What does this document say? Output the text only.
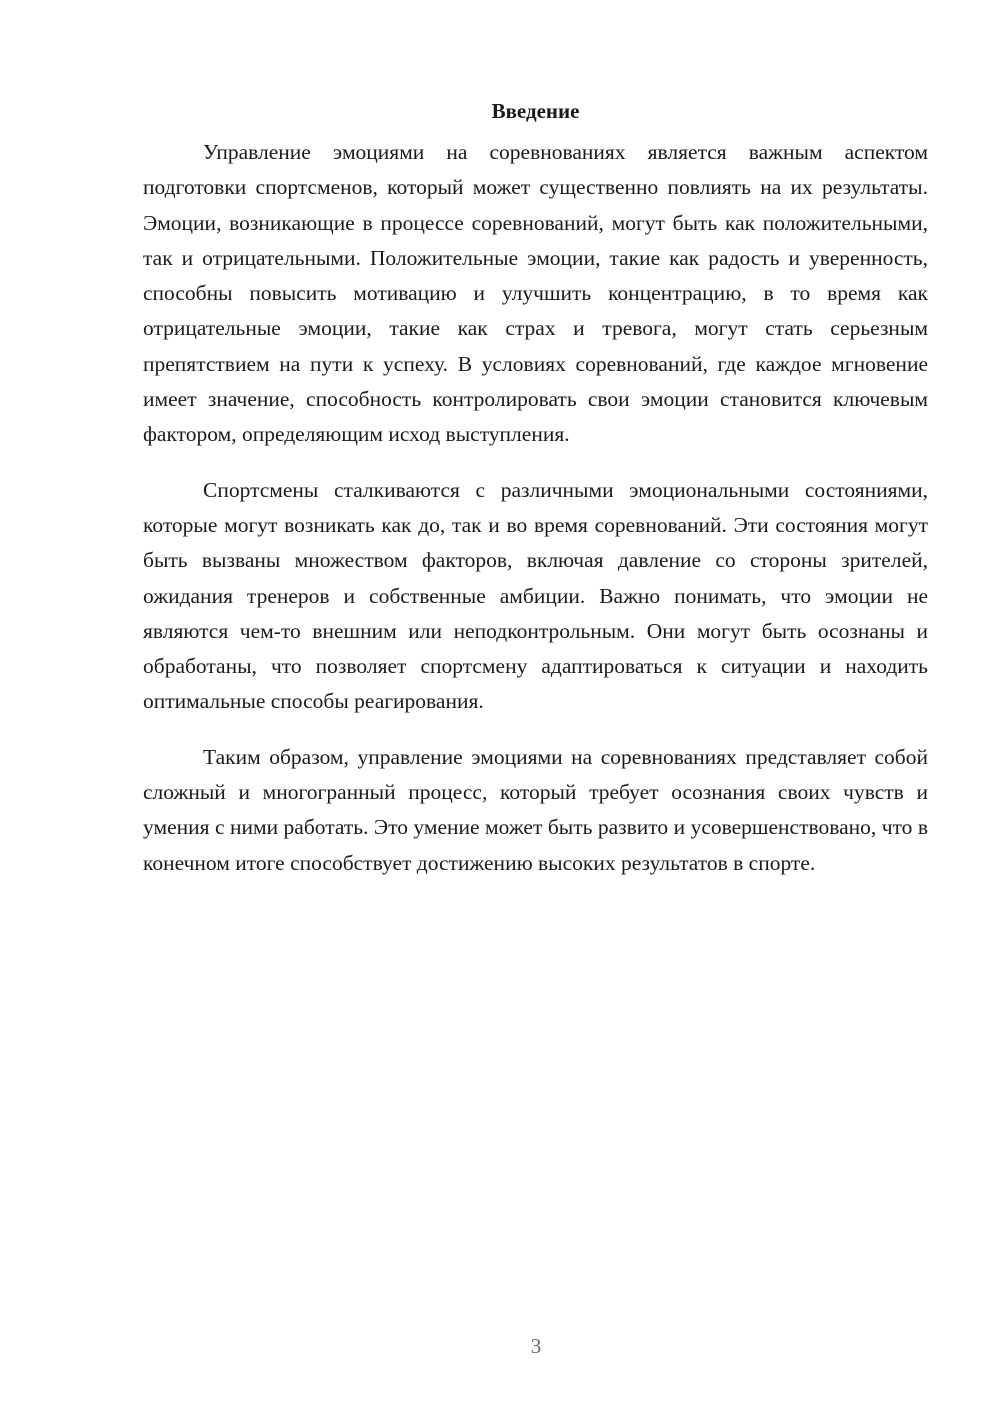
Введение

Управление эмоциями на соревнованиях является важным аспектом подготовки спортсменов, который может существенно повлиять на их результаты. Эмоции, возникающие в процессе соревнований, могут быть как положительными, так и отрицательными. Положительные эмоции, такие как радость и уверенность, способны повысить мотивацию и улучшить концентрацию, в то время как отрицательные эмоции, такие как страх и тревога, могут стать серьезным препятствием на пути к успеху. В условиях соревнований, где каждое мгновение имеет значение, способность контролировать свои эмоции становится ключевым фактором, определяющим исход выступления.

Спортсмены сталкиваются с различными эмоциональными состояниями, которые могут возникать как до, так и во время соревнований. Эти состояния могут быть вызваны множеством факторов, включая давление со стороны зрителей, ожидания тренеров и собственные амбиции. Важно понимать, что эмоции не являются чем-то внешним или неподконтрольным. Они могут быть осознаны и обработаны, что позволяет спортсмену адаптироваться к ситуации и находить оптимальные способы реагирования.

Таким образом, управление эмоциями на соревнованиях представляет собой сложный и многогранный процесс, который требует осознания своих чувств и умения с ними работать. Это умение может быть развито и усовершенствовано, что в конечном итоге способствует достижению высоких результатов в спорте.

3
